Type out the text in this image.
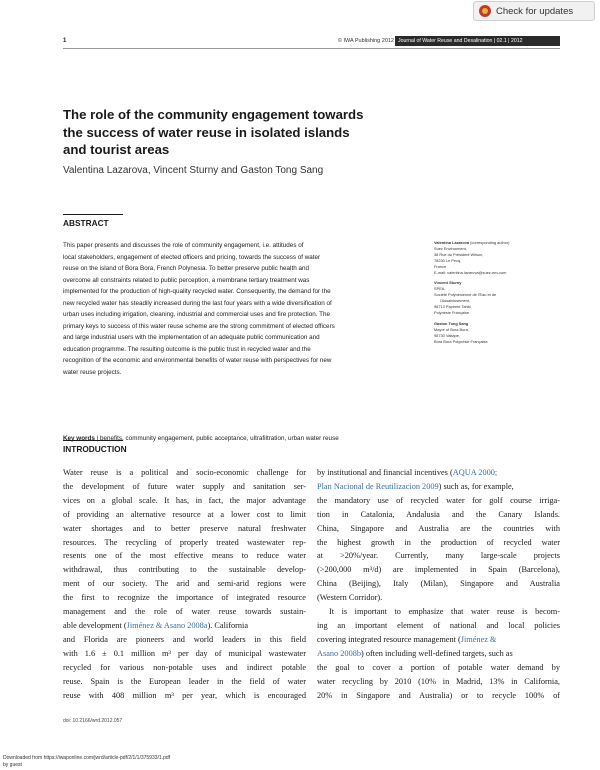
Check for updates
1	© IWA Publishing 2012 Journal of Water Reuse and Desalination | 02.1 | 2012
The role of the community engagement towards
the success of water reuse in isolated islands
and tourist areas
Valentina Lazarova, Vincent Sturny and Gaston Tong Sang
ABSTRACT
This paper presents and discusses the role of community engagement, i.e. attitudes of
local stakeholders, engagement of elected officers and pricing, towards the success of water
reuse on the island of Bora Bora, French Polynesia. To better preserve public health and
overcome all constraints related to public perception, a membrane tertiary treatment was
implemented for the production of high-quality recycled water. Consequently, the demand for the
new recycled water has steadily increased during the last four years with a wide diversification of
urban uses including irrigation, cleaning, industrial and commercial uses and fire protection. The
primary keys to success of this water reuse scheme are the strong commitment of elected officers
and large industrial users with the implementation of an adequate public communication and
education programme. The resulting outcome is the public trust in recycled water and the
recognition of the economic and environmental benefits of water reuse with perspectives for new
water reuse projects.
Key words | benefits, community engagement, public acceptance, ultrafiltration, urban water reuse
Valentina Lazarova (corresponding author)
Suez Environment,
38 Rue du Président Wilson,
78230 Le Pecq,
France
E-mail: valentina.lazarova@suez-env.com
Vincent Sturny
SPEA,
Société Polynésienne de l'Eau et de
l'Assainissement,
98713 Papeete Tahiti,
Polynésie Française
Gaston Tong Sang
Mayor of Bora Bora,
98730 Vaitape,
Bora Bora Polynésie Française
INTRODUCTION
Water reuse is a political and socio-economic challenge for
the development of future water supply and sanitation ser-
vices on a global scale. It has, in fact, the major advantage
of providing an alternative resource at a lower cost to limit
water shortages and to better preserve natural freshwater
resources. The recycling of properly treated wastewater rep-
resents one of the most effective means to reduce water
withdrawal, thus contributing to the sustainable develop-
ment of our society. The arid and semi-arid regions were
the first to recognize the importance of integrated resource
management and the role of water reuse towards sustain-
able development (Jiménez & Asano 2008a). California
and Florida are pioneers and world leaders in this field
with 1.6 ± 0.1 million m³ per day of municipal wastewater
recycled for various non-potable uses and indirect potable
reuse. Spain is the European leader in the field of water
reuse with 408 million m³ per year, which is encouraged
by institutional and financial incentives (AQUA 2000;
Plan Nacional de Reutilizacion 2009) such as, for example,
the mandatory use of recycled water for golf course irriga-
tion in Catalonia, Andalusia and the Canary Islands.
China, Singapore and Australia are the countries with
the highest growth in the production of recycled water
at >20%/year. Currently, many large-scale projects
(>200,000 m³/d) are implemented in Spain (Barcelona),
China (Beijing), Italy (Milan), Singapore and Australia
(Western Corridor).
It is important to emphasize that water reuse is becom-
ing an important element of national and local policies
covering integrated resource management (Jiménez &
Asano 2008b) often including well-defined targets, such as
the goal to cover a portion of potable water demand by
water recycling by 2010 (10% in Madrid, 13% in California,
20% in Singapore and Australia) or to recycle 100% of
doi: 10.2166/wrd.2012.057
Downloaded from https://iwaponline.com/jwrd/article-pdf/2/1/1/375933/1.pdf
by guest
